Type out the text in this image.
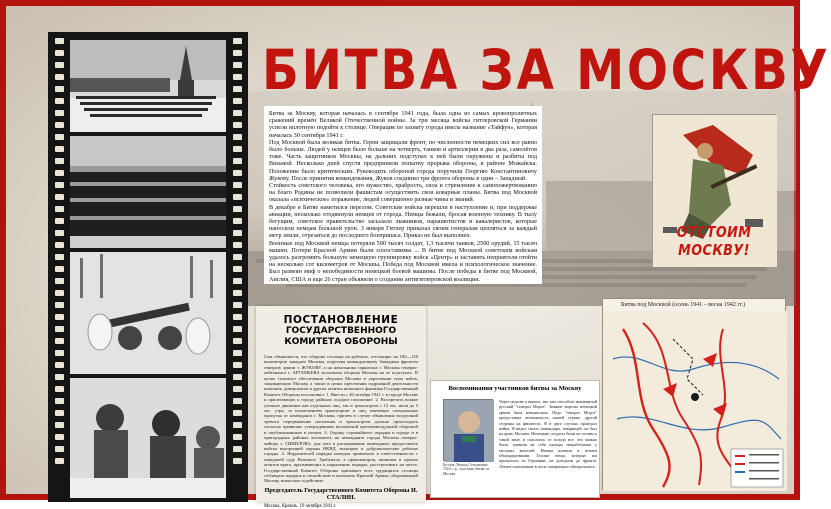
БИТВА ЗА МОСКВУ

Битва за Москву, которая началась в сентябре 1941 года, была одна из самых кровопролитных сражений времён Великой Отечественной войны. За три месяца войска гитлеровской Германии успели вплотную подойти к столице. Операция по захвату города имела название «Тайфун», которая началась 30 сентября 1941 г.

Под Москвой была великая битва. Герои защищали фронт, по численности немецких сил все равно было больше. Людей у немцев было больше на четверть, танков и артиллерии в два раза, самолётов тоже. Часть защитников Москвы, на дальних подступах к ней были окружены и разбиты под Вязьмой. Несколько дней спустя предприняли попытку прорыва обороны, в районе Можайска. Положение было критическим. Руководить обороной города поручили Георгию Константиновичу Жукову. После принятия командования, Жуков соединил три фронта обороны в один – Западный.

Стойкость советского человека, его мужество, храбрость, сила и стремление к самопожертвованию на благо Родины не позволили фашистам осуществить свои коварные планы. Битва под Москвой оказала «психическое» поражение, людей совершенно разные чины и званий.

В декабре в Битве наметился перелом. Советские войска перешли в наступление и, при поддержке авиации, несколько отодвинули немцев от города. Немцы бежали, бросая военную технику. В тылу бегущим, советское правительство засылало лыжников, парашютистов и кавалеристов, которые наносили немцам большой урон. 3 января Гитлер приказал своим генералам цепляться за каждый метр земли, отрезаться до последнего боеприпаса. Приказ не был выполнен.

Военные под Москвой немцы потеряли 500 тысяч солдат, 1,3 тысячи танков, 2500 орудий, 15 тысяч машин. Потери Красной Армии были сопоставимы ... В битве под Москвой советским войскам удалось разгромить большую немецкую группировку войск «Центр» и заставить неприятеля отойти на несколько сот километров от Москвы. Победа под Москвой имела и психологическое значение. Был развеян миф о непобедимости немецкой боевой машины. После победы в битве под Москвой, Англия, США и еще 26 стран объявили о создании антигитлеровской коалиции.

ОТСТОИМ МОСКВУ!
ПОСТАНОВЛЕНИЕ
ГОСУДАРСТВЕННОГО КОМИТЕТА ОБОРОНЫ
Сим объявляется, что оборона столицы на рубежах, отстоящих на 100—120 километров западнее Москвы, поручена командующему Западным фронтом генералу армии т. ЖУКОВУ, а на начальника гарнизона г. Москвы генерал-лейтенанта т. АРТЕМЬЕВА возложена оборона Москвы на ее подступах. В целях тылового обеспечения обороны Москвы и укрепления тыла войск, защищающих Москву, а также в целях пресечения подрывной деятельности шпионов, диверсантов и других агентов немецкого фашизма Государственный Комитет Обороны постановил: 1. Ввести с 20 октября 1941 г. в городе Москве и прилегающих к городу районах осадное положение. 2. Воспретить всякое уличное движение как отдельных лиц, так и транспортов с 12 час. ночи до 5 час. утра, за исключением транспортов и лиц, имеющих специальные пропуска от коменданта г. Москвы, причем в случае объявления воздушной тревоги передвижение населения и транспортов должно происходить согласно правилам, утвержденным московской противовоздушной обороной и опубликованным в печати. 3. Охрану строжайшего порядка в городе и в пригородных районах возложить на коменданта города Москвы генерал-майора т. СИНИЛОВА, для чего в распоряжение коменданта предоставить войска внутренней охраны НКВД, милицию и добровольческие рабочие отряды. 4. Нарушителей порядка немедля привлекать к ответственности с передачей суду Военного Трибунала, а провокаторов, шпионов и прочих агентов врага, призывающих к нарушению порядка, расстреливать на месте. Государственный Комитет Обороны призывает всех трудящихся столицы соблюдать порядок и спокойствие и оказывать Красной Армии, обороняющей Москву, всяческое содействие.
Председатель Государственного Комитета Обороны И. СТАЛИН.
Москва, Кремль. 19 октября 1941 г.
Воспоминания участников битвы за Москву
Козлов Леонид Степанович 1924 г. р., участник битвы за Москву
Через неделю я вышел, мы там способом знаменитый русский "генерал Мороз". Зимние морозы немецкой армии была невыносима. Подо "генерал Мороз" предоставил возможность нашей стране, другой стороны на фашистах. Я в двух случаях проиграл войне. Я видел своего командира, товарищей, он был на краю Москвы. Немецкие солдаты были не готовы к такой зиме, и спасались от холода все, что можно было, одевали на себя одежды награбленные у местных жителей. Немцы воевали в летнем обмундировании. Теплые вещи, которые им присылали из Германии, не доходили до фронта. Летнее пополнение в пути совершенно обморозилось.
Битва под Москвой (осень 1941 – весна 1942 гг.)
